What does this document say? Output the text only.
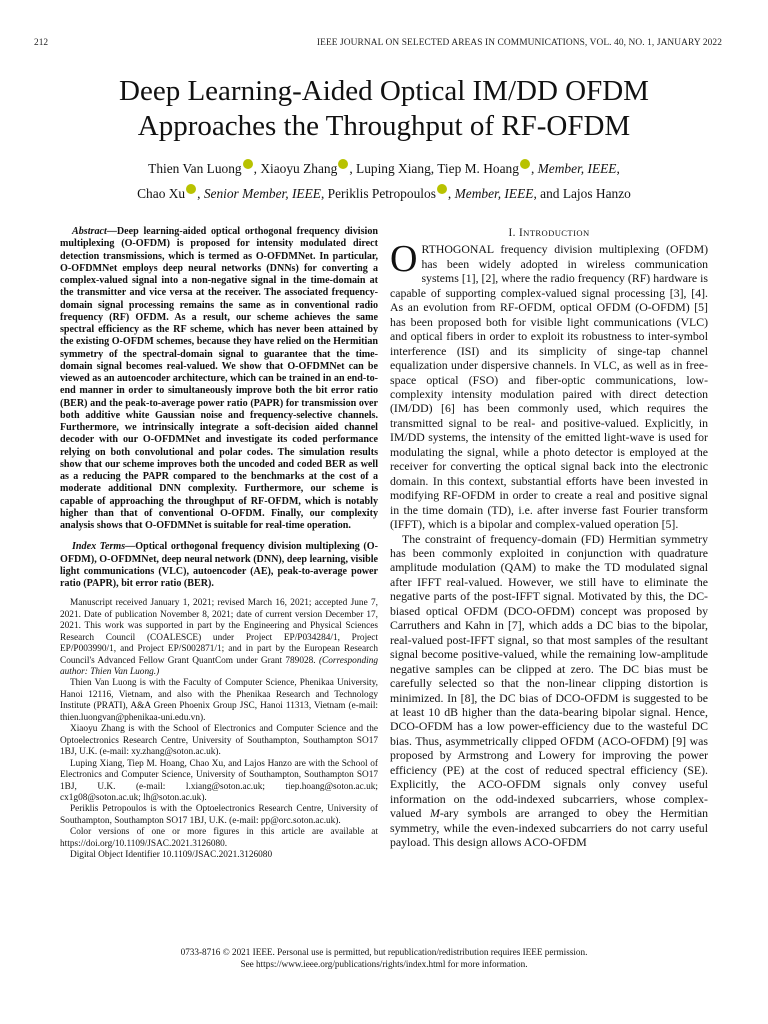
212	IEEE JOURNAL ON SELECTED AREAS IN COMMUNICATIONS, VOL. 40, NO. 1, JANUARY 2022
Deep Learning-Aided Optical IM/DD OFDM
Approaches the Throughput of RF-OFDM
Thien Van Luong , Xiaoyu Zhang , Luping Xiang, Tiep M. Hoang , Member, IEEE,
Chao Xu , Senior Member, IEEE, Periklis Petropoulos , Member, IEEE, and Lajos Hanzo

Abstract—Deep learning-aided optical orthogonal frequency division multiplexing (O-OFDM) is proposed for intensity modulated direct detection transmissions, which is termed as O-OFDMNet. In particular, O-OFDMNet employs deep neural networks (DNNs) for converting a complex-valued signal into a non-negative signal in the time-domain at the transmitter and vice versa at the receiver. The associated frequency-domain signal processing remains the same as in conventional radio frequency (RF) OFDM. As a result, our scheme achieves the same spectral efficiency as the RF scheme, which has never been attained by the existing O-OFDM schemes, because they have relied on the Hermitian symmetry of the spectral-domain signal to guarantee that the time-domain signal becomes real-valued. We show that O-OFDMNet can be viewed as an autoencoder architecture, which can be trained in an end-to-end manner in order to simultaneously improve both the bit error ratio (BER) and the peak-to-average power ratio (PAPR) for transmission over both additive white Gaussian noise and frequency-selective channels. Furthermore, we intrinsically integrate a soft-decision aided channel decoder with our O-OFDMNet and investigate its coded performance relying on both convolutional and polar codes. The simulation results show that our scheme improves both the uncoded and coded BER as well as a reducing the PAPR compared to the benchmarks at the cost of a moderate additional DNN complexity. Furthermore, our scheme is capable of approaching the throughput of RF-OFDM, which is notably higher than that of conventional O-OFDM. Finally, our complexity analysis shows that O-OFDMNet is suitable for real-time operation.

Index Terms—Optical orthogonal frequency division multiplexing (O-OFDM), O-OFDMNet, deep neural network (DNN), deep learning, visible light communications (VLC), autoencoder (AE), peak-to-average power ratio (PAPR), bit error ratio (BER).

Manuscript received January 1, 2021; revised March 16, 2021; accepted June 7, 2021. Date of publication November 8, 2021; date of current version December 17, 2021. This work was supported in part by the Engineering and Physical Sciences Research Council (COALESCE) under Project EP/P034284/1, Project EP/P003990/1, and Project EP/S002871/1; and in part by the European Research Council's Advanced Fellow Grant QuantCom under Grant 789028. (Corresponding author: Thien Van Luong.)

Thien Van Luong is with the Faculty of Computer Science, Phenikaa University, Hanoi 12116, Vietnam, and also with the Phenikaa Research and Technology Institute (PRATI), A&A Green Phoenix Group JSC, Hanoi 11313, Vietnam (e-mail: thien.luongvan@phenikaa-uni.edu.vn).

Xiaoyu Zhang is with the School of Electronics and Computer Science and the Optoelectronics Research Centre, University of Southampton, Southampton SO17 1BJ, U.K. (e-mail: xy.zhang@soton.ac.uk).

Luping Xiang, Tiep M. Hoang, Chao Xu, and Lajos Hanzo are with the School of Electronics and Computer Science, University of Southampton, Southampton SO17 1BJ, U.K. (e-mail: l.xiang@soton.ac.uk; tiep.hoang@soton.ac.uk; cx1g08@soton.ac.uk; lh@soton.ac.uk).

Periklis Petropoulos is with the Optoelectronics Research Centre, University of Southampton, Southampton SO17 1BJ, U.K. (e-mail: pp@orc.soton.ac.uk).

Color versions of one or more figures in this article are available at https://doi.org/10.1109/JSAC.2021.3126080.

Digital Object Identifier 10.1109/JSAC.2021.3126080

I. INTRODUCTION

ORTHOGONAL frequency division multiplexing (OFDM) has been widely adopted in wireless communication systems [1], [2], where the radio frequency (RF) hardware is capable of supporting complex-valued signal processing [3], [4]. As an evolution from RF-OFDM, optical OFDM (O-OFDM) [5] has been proposed both for visible light communications (VLC) and optical fibers in order to exploit its robustness to inter-symbol interference (ISI) and its simplicity of singe-tap channel equalization under dispersive channels. In VLC, as well as in free-space optical (FSO) and fiber-optic communications, low-complexity intensity modulation paired with direct detection (IM/DD) [6] has been commonly used, which requires the transmitted signal to be real- and positive-valued. Explicitly, in IM/DD systems, the intensity of the emitted light-wave is used for modulating the signal, while a photo detector is employed at the receiver for converting the optical signal back into the electronic domain. In this context, substantial efforts have been invested in modifying RF-OFDM in order to create a real and positive signal in the time domain (TD), i.e. after inverse fast Fourier transform (IFFT), which is a bipolar and complex-valued operation [5].

The constraint of frequency-domain (FD) Hermitian symmetry has been commonly exploited in conjunction with quadrature amplitude modulation (QAM) to make the TD modulated signal after IFFT real-valued. However, we still have to eliminate the negative parts of the post-IFFT signal. Motivated by this, the DC-biased optical OFDM (DCO-OFDM) concept was proposed by Carruthers and Kahn in [7], which adds a DC bias to the bipolar, real-valued post-IFFT signal, so that most samples of the resultant signal become positive-valued, while the remaining low-amplitude negative samples can be clipped at zero. The DC bias must be carefully selected so that the non-linear clipping distortion is minimized. In [8], the DC bias of DCO-OFDM is suggested to be at least 10 dB higher than the data-bearing bipolar signal. Hence, DCO-OFDM has a low power-efficiency due to the wasteful DC bias. Thus, asymmetrically clipped OFDM (ACO-OFDM) [9] was proposed by Armstrong and Lowery for improving the power efficiency (PE) at the cost of reduced spectral efficiency (SE). Explicitly, the ACO-OFDM signals only convey useful information on the odd-indexed subcarriers, whose complex-valued M-ary symbols are arranged to obey the Hermitian symmetry, while the even-indexed subcarriers do not carry useful payload. This design allows ACO-OFDM

0733-8716 © 2021 IEEE. Personal use is permitted, but republication/redistribution requires IEEE permission.
See https://www.ieee.org/publications/rights/index.html for more information.
